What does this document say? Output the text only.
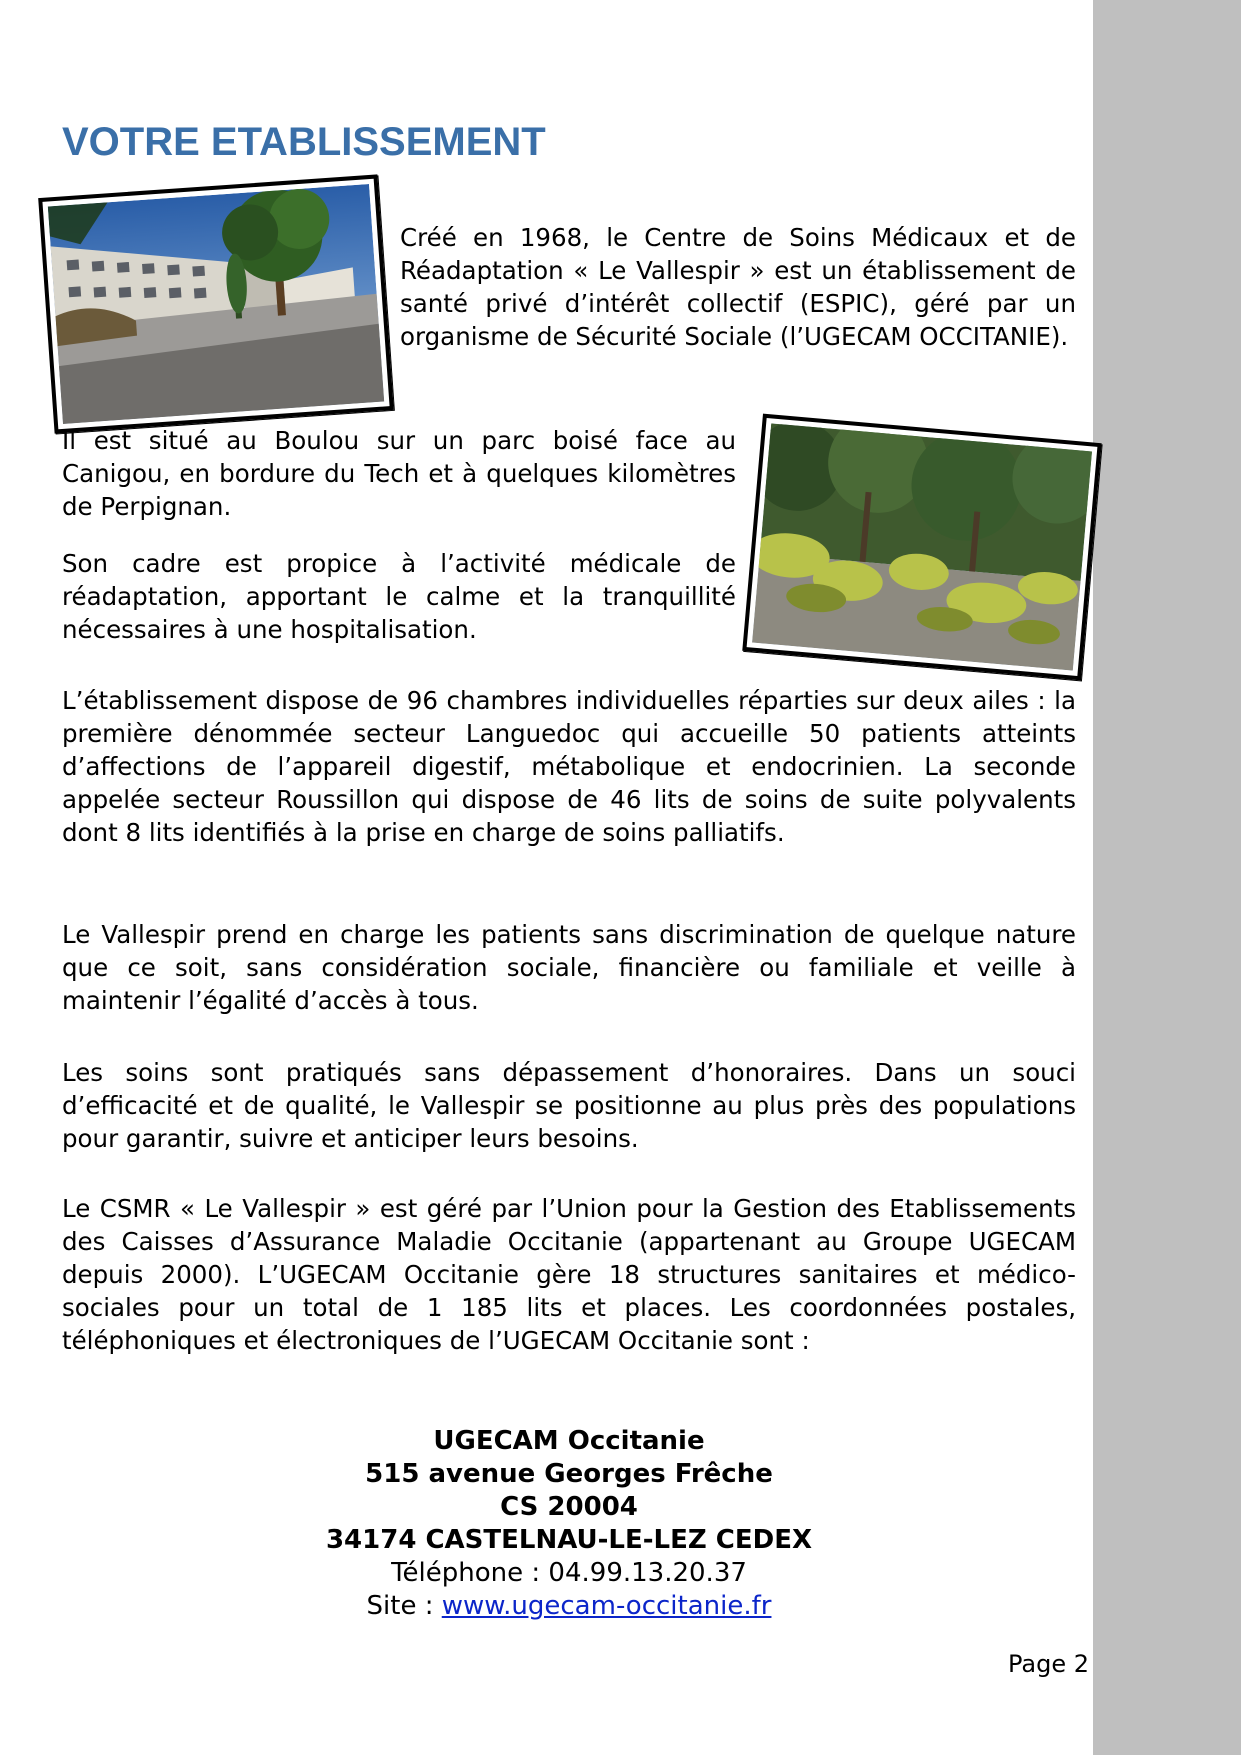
VOTRE ETABLISSEMENT

Créé en 1968, le Centre de Soins Médicaux et de Réadaptation « Le Vallespir » est un établissement de santé privé d’intérêt collectif (ESPIC), géré par un organisme de Sécurité Sociale (l’UGECAM OCCITANIE).

Il est situé au Boulou sur un parc boisé face au Canigou, en bordure du Tech et à quelques kilomètres de Perpignan.

Son cadre est propice à l’activité médicale de réadaptation, apportant le calme et la tranquillité nécessaires à une hospitalisation.

L’établissement dispose de 96 chambres individuelles réparties sur deux ailes : la première dénommée secteur Languedoc qui accueille 50 patients atteints d’affections de l’appareil digestif, métabolique et endocrinien. La seconde appelée secteur Roussillon qui dispose de 46 lits de soins de suite polyvalents dont 8 lits identifiés à la prise en charge de soins palliatifs.

Le Vallespir prend en charge les patients sans discrimination de quelque nature que ce soit, sans considération sociale, financière ou familiale et veille à maintenir l’égalité d’accès à tous.

Les soins sont pratiqués sans dépassement d’honoraires. Dans un souci d’efficacité et de qualité, le Vallespir se positionne au plus près des populations pour garantir, suivre et anticiper leurs besoins.

Le CSMR « Le Vallespir » est géré par l’Union pour la Gestion des Etablissements des Caisses d’Assurance Maladie Occitanie (appartenant au Groupe UGECAM depuis 2000). L’UGECAM Occitanie gère 18 structures sanitaires et médico-sociales pour un total de 1 185 lits et places. Les coordonnées postales, téléphoniques et électroniques de l’UGECAM Occitanie sont :

UGECAM Occitanie
515 avenue Georges Frêche
CS 20004
34174 CASTELNAU-LE-LEZ CEDEX
Téléphone : 04.99.13.20.37
Site : www.ugecam-occitanie.fr
Page 2
